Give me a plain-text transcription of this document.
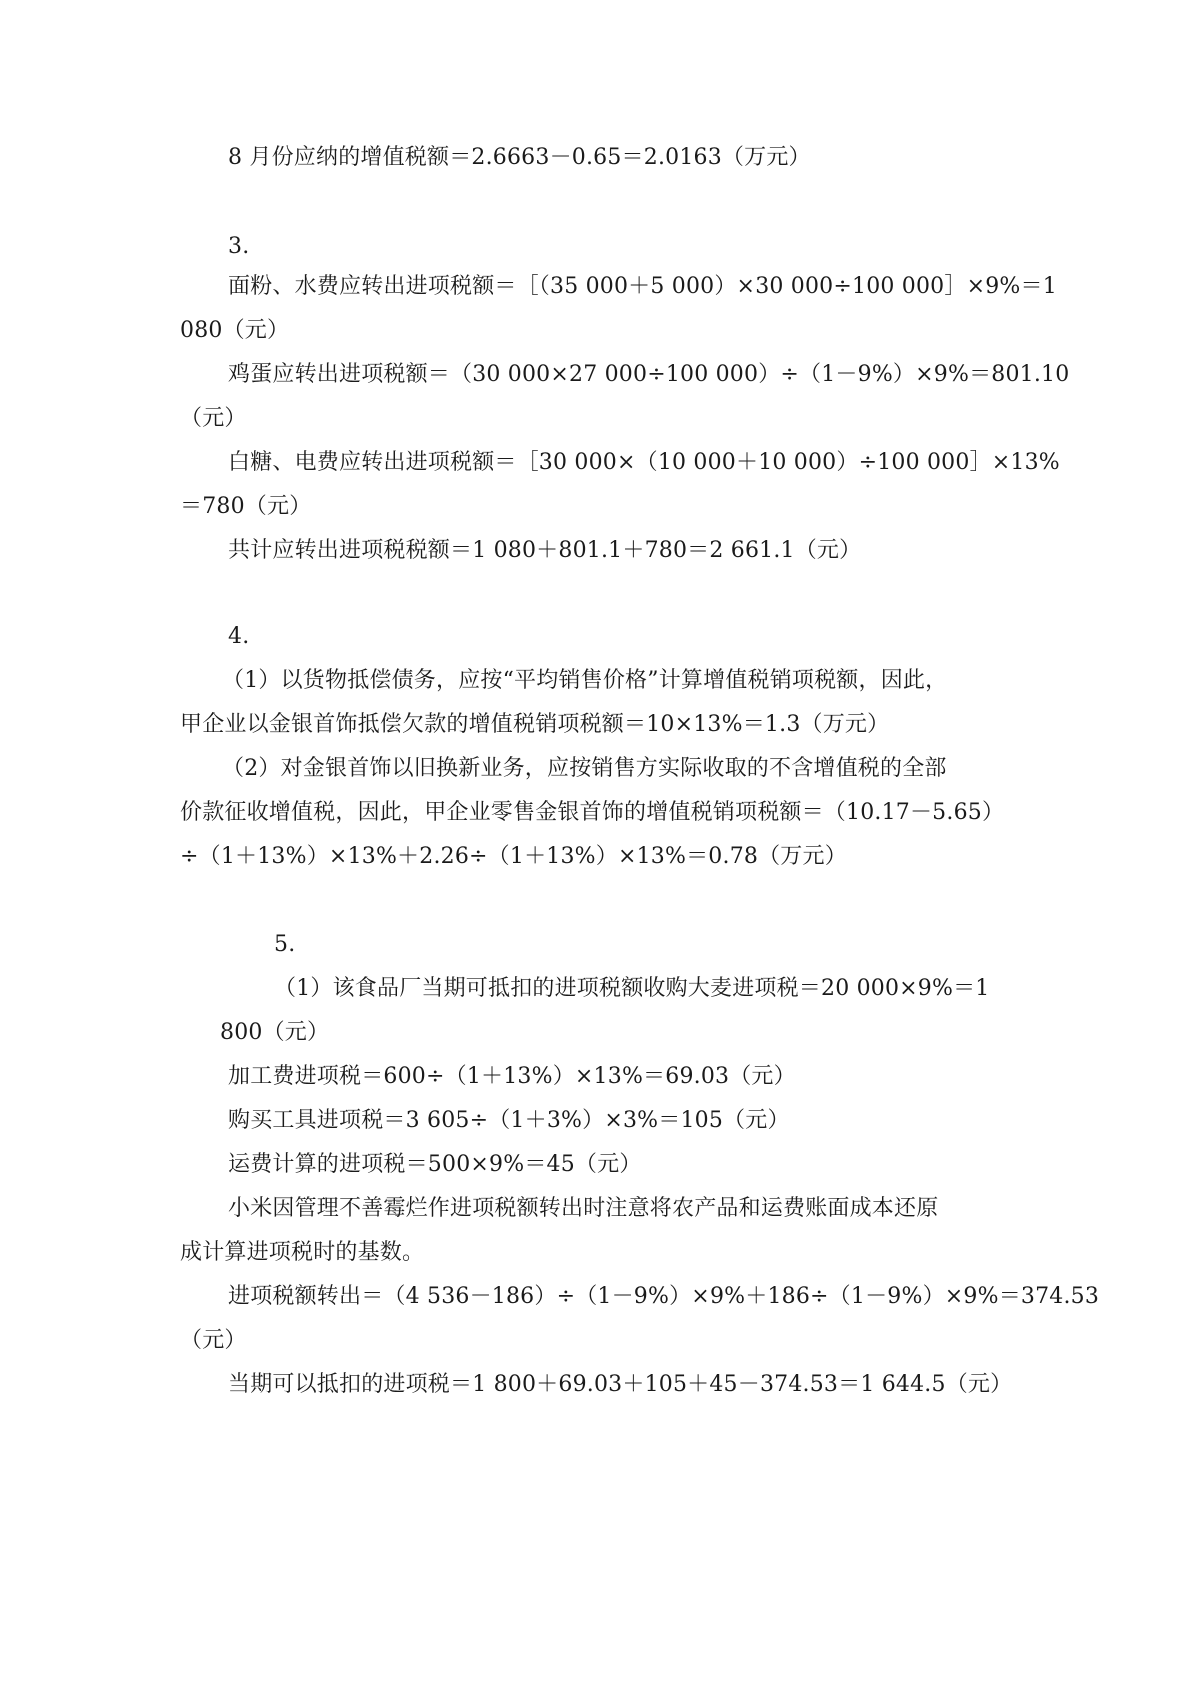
8 月份应纳的增值税额＝2.6663－0.65＝2.0163（万元）
3.
面粉、水费应转出进项税额＝［（35 000＋5 000）×30 000÷100 000］×9%＝1
080（元）
鸡蛋应转出进项税额＝（30 000×27 000÷100 000）÷（1－9%）×9%＝801.10
（元）
白糖、电费应转出进项税额＝［30 000×（10 000＋10 000）÷100 000］×13%
＝780（元）
共计应转出进项税税额＝1 080＋801.1＋780＝2 661.1（元）
4.
（1）以货物抵偿债务，应按“平均销售价格”计算增值税销项税额，因此，
甲企业以金银首饰抵偿欠款的增值税销项税额＝10×13%＝1.3（万元）
（2）对金银首饰以旧换新业务，应按销售方实际收取的不含增值税的全部
价款征收增值税，因此，甲企业零售金银首饰的增值税销项税额＝（10.17－5.65）
÷（1＋13%）×13%＋2.26÷（1＋13%）×13%＝0.78（万元）
5.
（1）该食品厂当期可抵扣的进项税额收购大麦进项税＝20 000×9%＝1
800（元）
加工费进项税＝600÷（1＋13%）×13%＝69.03（元）
购买工具进项税＝3 605÷（1＋3%）×3%＝105（元）
运费计算的进项税＝500×9%＝45（元）
小米因管理不善霉烂作进项税额转出时注意将农产品和运费账面成本还原
成计算进项税时的基数。
进项税额转出＝（4 536－186）÷（1－9%）×9%＋186÷（1－9%）×9%＝374.53
（元）
当期可以抵扣的进项税＝1 800＋69.03＋105＋45－374.53＝1 644.5（元）
